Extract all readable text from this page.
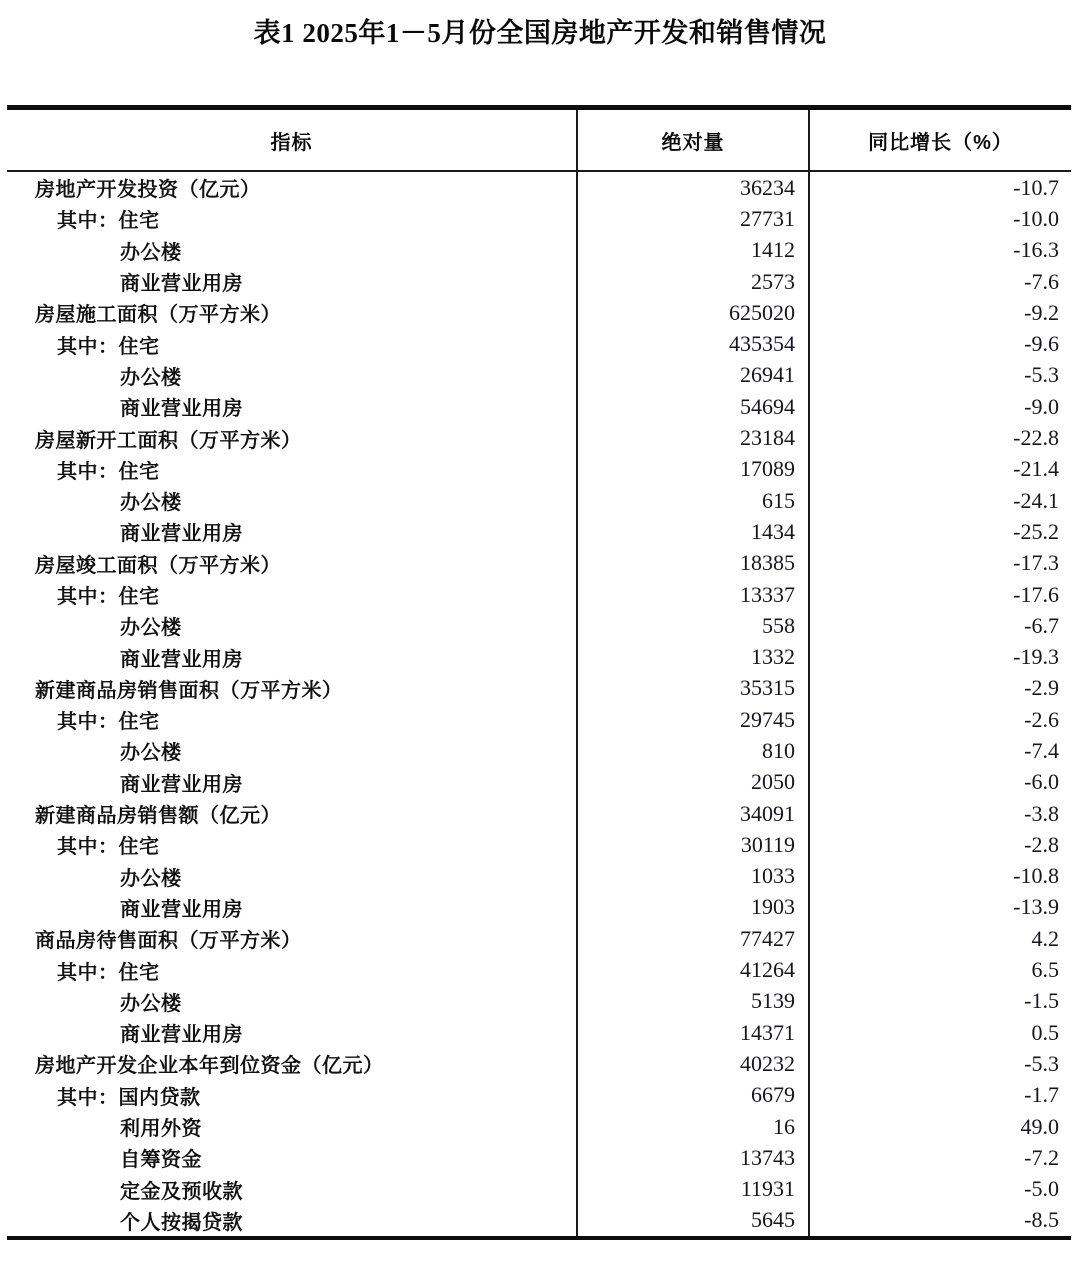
表1 2025年1－5月份全国房地产开发和销售情况
指标	绝对量	同比增长（%）
房地产开发投资（亿元）	36234	-10.7
其中：住宅	27731	-10.0
办公楼	1412	-16.3
商业营业用房	2573	-7.6
房屋施工面积（万平方米）	625020	-9.2
其中：住宅	435354	-9.6
办公楼	26941	-5.3
商业营业用房	54694	-9.0
房屋新开工面积（万平方米）	23184	-22.8
其中：住宅	17089	-21.4
办公楼	615	-24.1
商业营业用房	1434	-25.2
房屋竣工面积（万平方米）	18385	-17.3
其中：住宅	13337	-17.6
办公楼	558	-6.7
商业营业用房	1332	-19.3
新建商品房销售面积（万平方米）	35315	-2.9
其中：住宅	29745	-2.6
办公楼	810	-7.4
商业营业用房	2050	-6.0
新建商品房销售额（亿元）	34091	-3.8
其中：住宅	30119	-2.8
办公楼	1033	-10.8
商业营业用房	1903	-13.9
商品房待售面积（万平方米）	77427	4.2
其中：住宅	41264	6.5
办公楼	5139	-1.5
商业营业用房	14371	0.5
房地产开发企业本年到位资金（亿元）	40232	-5.3
其中：国内贷款	6679	-1.7
利用外资	16	49.0
自筹资金	13743	-7.2
定金及预收款	11931	-5.0
个人按揭贷款	5645	-8.5
